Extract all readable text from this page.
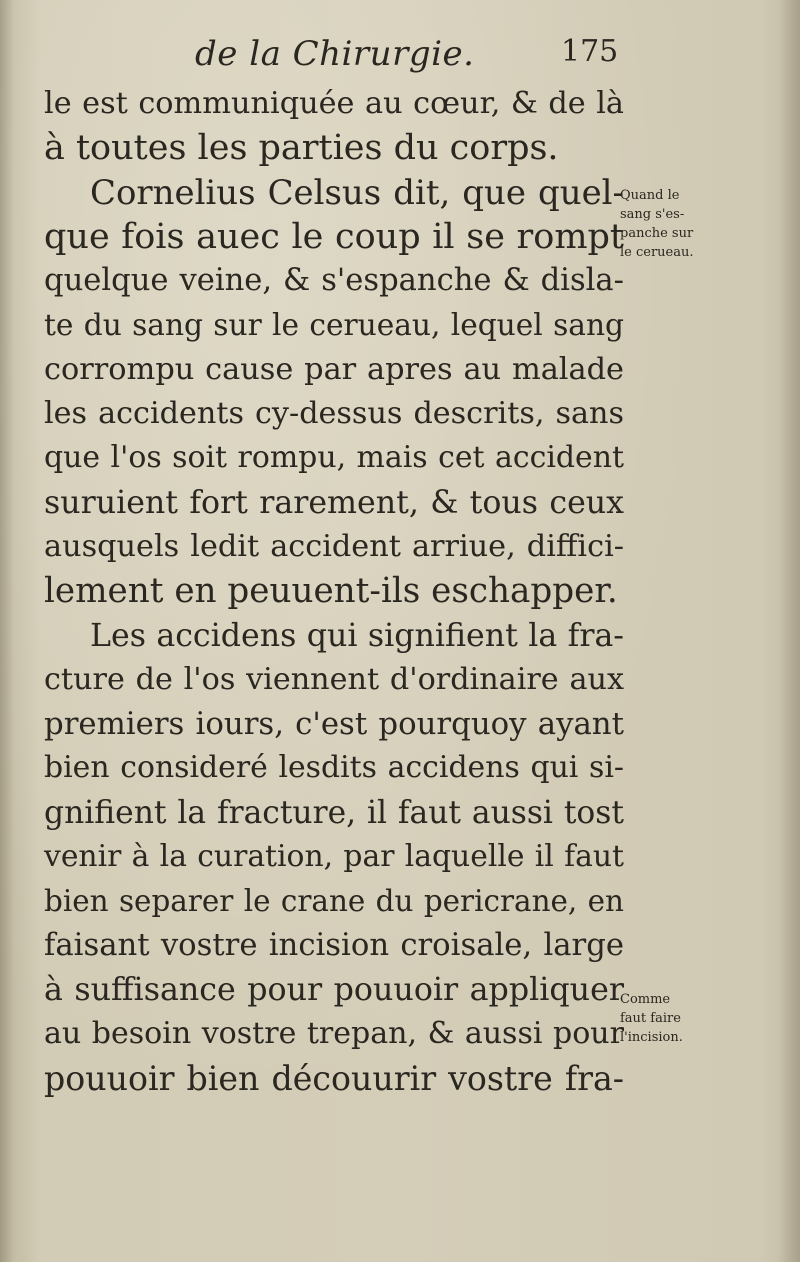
de la Chirurgie.	175
le est communiquée au cœur, & de là
à toutes les parties du corps.
Cornelius Celsus dit, que quel-
que fois auec le coup il se rompt
quelque veine, & s'espanche & disla-
te du sang sur le cerueau, lequel sang
corrompu cause par apres au malade
les accidents cy-dessus descrits, sans
que l'os soit rompu, mais cet accident
suruient fort rarement, & tous ceux
ausquels ledit accident arriue, diffici-
lement en peuuent-ils eschapper.
Les accidens qui signifient la fra-
cture de l'os viennent d'ordinaire aux
premiers iours, c'est pourquoy ayant
bien consideré lesdits accidens qui si-
gnifient la fracture, il faut aussi tost
venir à la curation, par laquelle il faut
bien separer le crane du pericrane, en
faisant vostre incision croisale, large
à suffisance pour pouuoir appliquer
au besoin vostre trepan, & aussi pour
pouuoir bien découurir vostre fra-
Quand le
sang s'es-
panche sur
le cerueau.
Comme
faut faire
l'incision.
